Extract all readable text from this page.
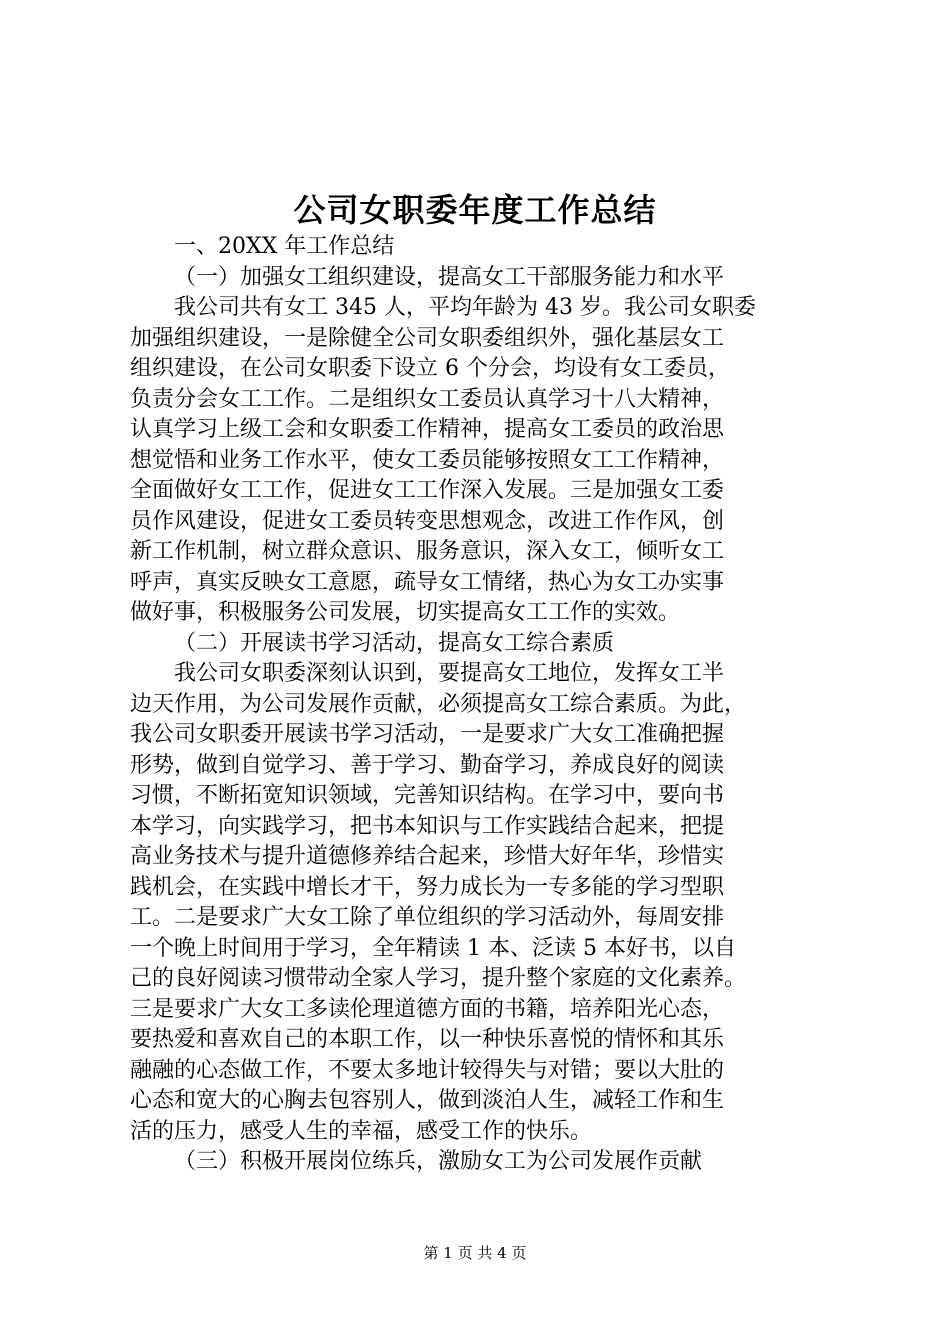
公司女职委年度工作总结
一、20XX 年工作总结
（一）加强女工组织建设，提高女工干部服务能力和水平
我公司共有女工 345 人，平均年龄为 43 岁。我公司女职委
加强组织建设，一是除健全公司女职委组织外，强化基层女工
组织建设，在公司女职委下设立 6 个分会，均设有女工委员，
负责分会女工工作。二是组织女工委员认真学习十八大精神，
认真学习上级工会和女职委工作精神，提高女工委员的政治思
想觉悟和业务工作水平，使女工委员能够按照女工工作精神，
全面做好女工工作，促进女工工作深入发展。三是加强女工委
员作风建设，促进女工委员转变思想观念，改进工作作风，创
新工作机制，树立群众意识、服务意识，深入女工，倾听女工
呼声，真实反映女工意愿，疏导女工情绪，热心为女工办实事
做好事，积极服务公司发展，切实提高女工工作的实效。
（二）开展读书学习活动，提高女工综合素质
我公司女职委深刻认识到，要提高女工地位，发挥女工半
边天作用，为公司发展作贡献，必须提高女工综合素质。为此，
我公司女职委开展读书学习活动，一是要求广大女工准确把握
形势，做到自觉学习、善于学习、勤奋学习，养成良好的阅读
习惯，不断拓宽知识领域，完善知识结构。在学习中，要向书
本学习，向实践学习，把书本知识与工作实践结合起来，把提
高业务技术与提升道德修养结合起来，珍惜大好年华，珍惜实
践机会，在实践中增长才干，努力成长为一专多能的学习型职
工。二是要求广大女工除了单位组织的学习活动外，每周安排
一个晚上时间用于学习，全年精读 1 本、泛读 5 本好书，以自
己的良好阅读习惯带动全家人学习，提升整个家庭的文化素养。
三是要求广大女工多读伦理道德方面的书籍，培养阳光心态，
要热爱和喜欢自己的本职工作，以一种快乐喜悦的情怀和其乐
融融的心态做工作，不要太多地计较得失与对错；要以大肚的
心态和宽大的心胸去包容别人，做到淡泊人生，减轻工作和生
活的压力，感受人生的幸福，感受工作的快乐。
（三）积极开展岗位练兵，激励女工为公司发展作贡献
第 1 页 共 4 页
